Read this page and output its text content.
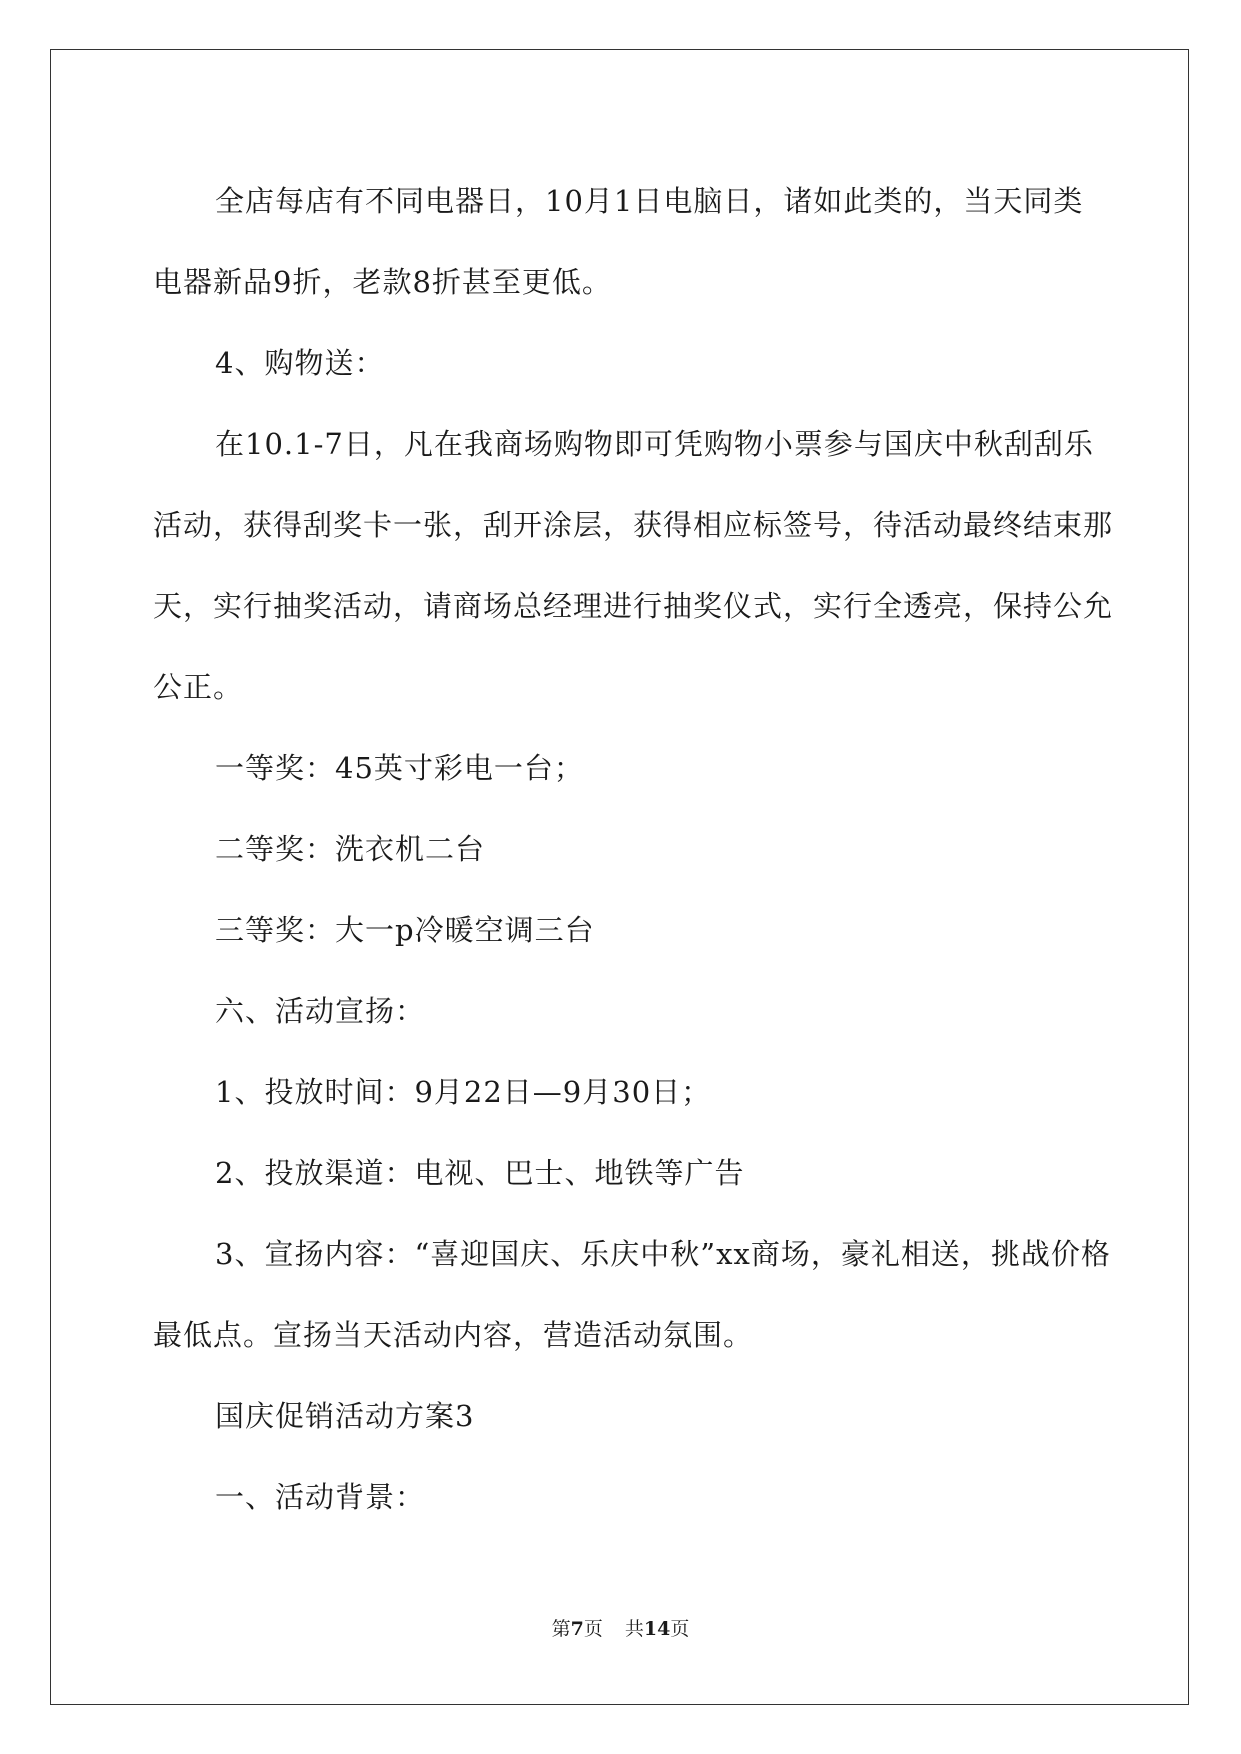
全店每店有不同电器日，10月1日电脑日，诸如此类的，当天同类电器新品9折，老款8折甚至更低。

4、购物送：

在10.1-7日，凡在我商场购物即可凭购物小票参与国庆中秋刮刮乐活动，获得刮奖卡一张，刮开涂层，获得相应标签号，待活动最终结束那天，实行抽奖活动，请商场总经理进行抽奖仪式，实行全透亮，保持公允公正。

一等奖：45英寸彩电一台；

二等奖：洗衣机二台

三等奖：大一p冷暖空调三台

六、活动宣扬：

1、投放时间：9月22日—9月30日；

2、投放渠道：电视、巴士、地铁等广告

3、宣扬内容：“喜迎国庆、乐庆中秋”xx商场，豪礼相送，挑战价格最低点。宣扬当天活动内容，营造活动氛围。

国庆促销活动方案3

一、活动背景：

第7页 共14页
